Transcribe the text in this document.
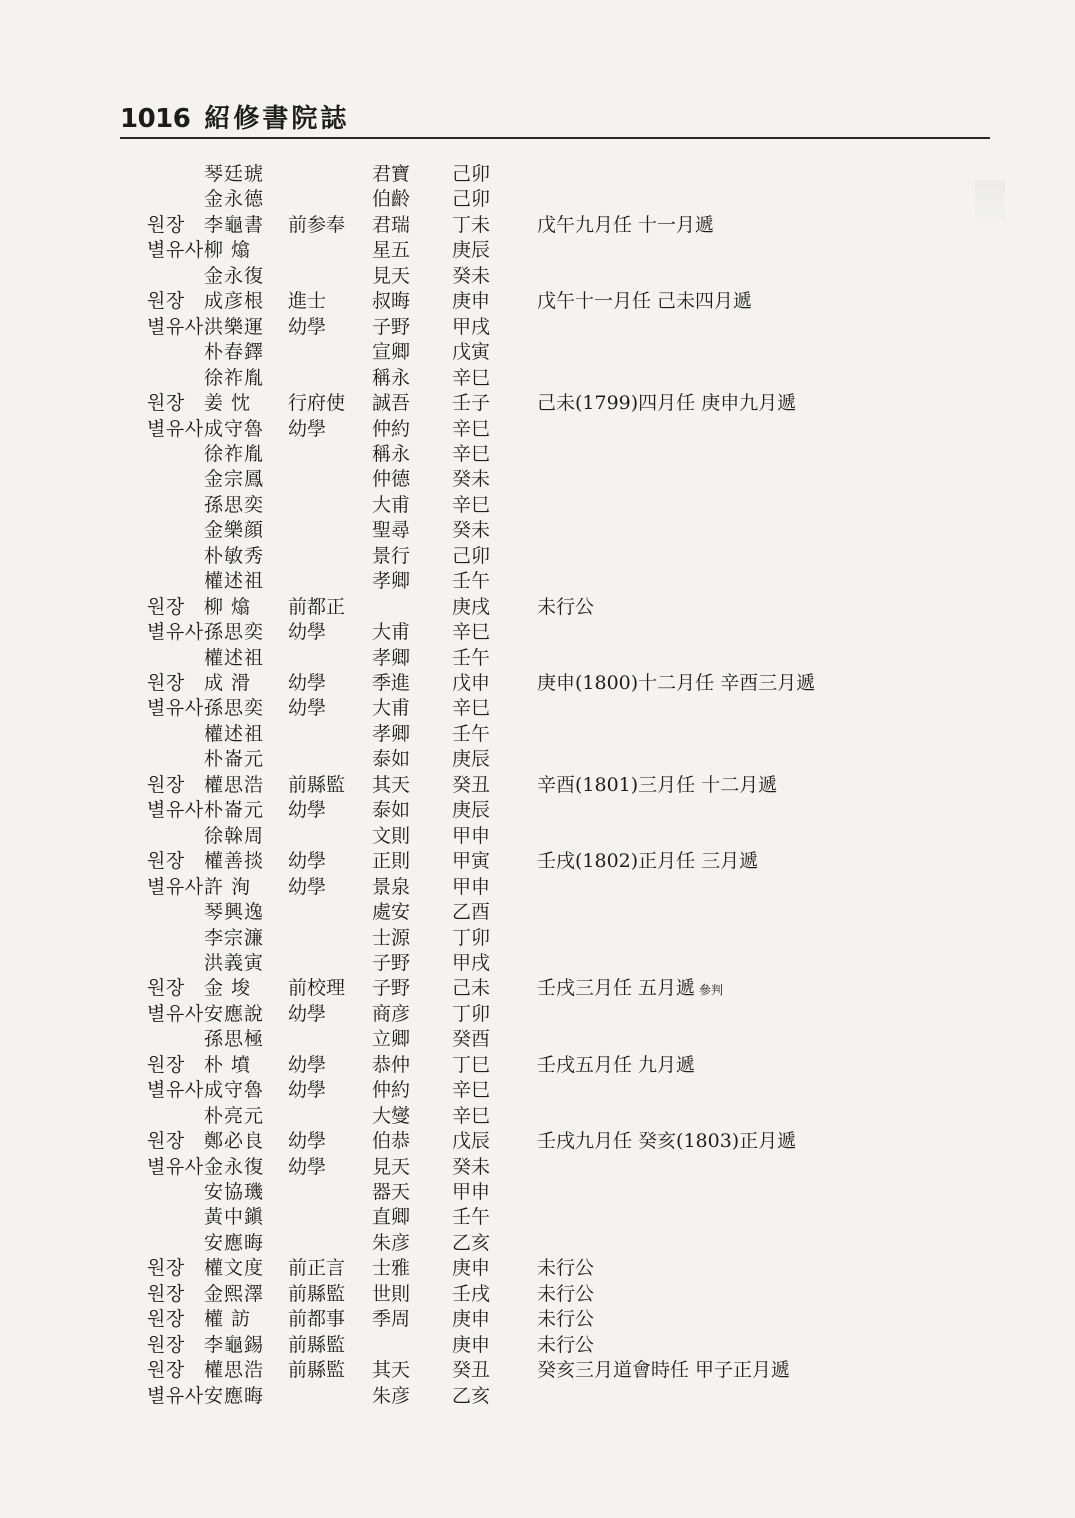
1016 紹修書院誌
琴廷琥	君寶 己卯
金永德	伯齡 己卯
원장 李龜書 前参奉 君瑞 丁未 戊午九月任 十一月遞
별유사 柳 熻	星五 庚辰
金永復	見天 癸未
원장 成彦根 進士 叔晦 庚申 戊午十一月任 己未四月遞
별유사 洪樂運 幼學 子野 甲戌
朴春鐸	宣卿 戊寅
徐祚胤	稱永 辛巳
원장 姜 忱 行府使 誠吾 壬子 己未(1799)四月任 庚申九月遞
별유사 成守魯 幼學 仲約 辛巳
徐祚胤	稱永 辛巳
金宗鳳	仲德 癸未
孫思奕	大甫 辛巳
金樂顔	聖尋 癸未
朴敏秀	景行 己卯
權述祖	孝卿 壬午
원장 柳 熻 前都正	庚戌 未行公
별유사 孫思奕 幼學 大甫 辛巳
權述祖	孝卿 壬午
원장 成 滑 幼學 季進 戊申 庚申(1800)十二月任 辛酉三月遞
별유사 孫思奕 幼學 大甫 辛巳
權述祖	孝卿 壬午
朴崙元	泰如 庚辰
원장 權思浩 前縣監 其天 癸丑 辛酉(1801)三月任 十二月遞
별유사 朴崙元 幼學 泰如 庚辰
徐榦周	文則 甲申
원장 權善掞 幼學 正則 甲寅 壬戌(1802)正月任 三月遞
별유사 許 洵 幼學 景泉 甲申
琴興逸	處安 乙酉
李宗濂	士源 丁卯
洪義寅	子野 甲戌
원장 金 埈 前校理 子野 己未 壬戌三月任 五月遞 參判
별유사 安應說 幼學 商彦 丁卯
孫思極	立卿 癸酉
원장 朴 墳 幼學 恭仲 丁巳 壬戌五月任 九月遞
별유사 成守魯 幼學 仲約 辛巳
朴亮元	大燮 辛巳
원장 鄭必良 幼學 伯恭 戊辰 壬戌九月任 癸亥(1803)正月遞
별유사 金永復 幼學 見天 癸未
安協璣	器天 甲申
黃中鎭	直卿 壬午
安應晦	朱彦 乙亥
원장 權文度 前正言 士雅 庚申 未行公
원장 金熙澤 前縣監 世則 壬戌 未行公
원장 權 訪 前都事 季周 庚申 未行公
원장 李龜錫 前縣監	庚申 未行公
원장 權思浩 前縣監 其天 癸丑 癸亥三月道會時任 甲子正月遞
별유사 安應晦	朱彦 乙亥
